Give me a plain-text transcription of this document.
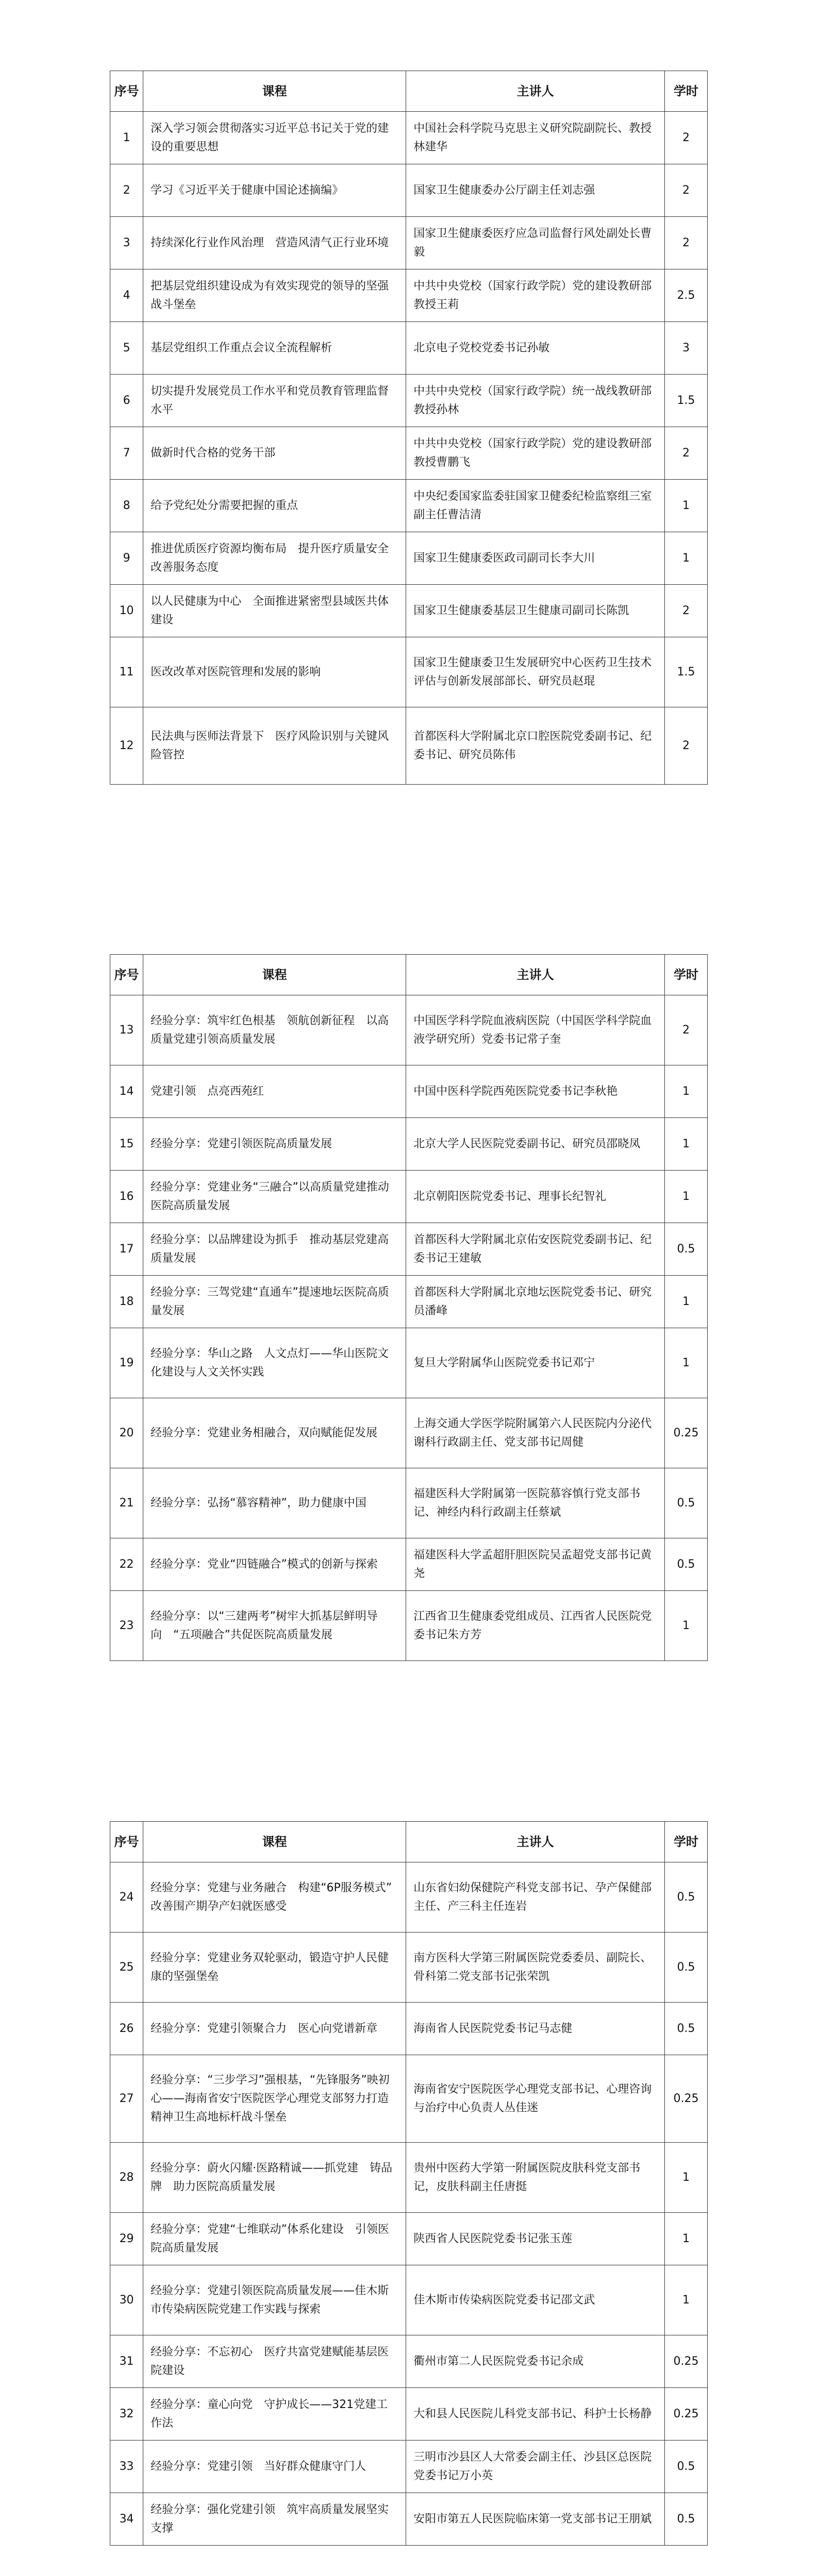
序号	课程	主讲人	学时
1	深入学习领会贯彻落实习近平总书记关于党的建设的重要思想	中国社会科学院马克思主义研究院副院长、教授林建华	2
2	学习《习近平关于健康中国论述摘编》	国家卫生健康委办公厅副主任刘志强	2
3	持续深化行业作风治理　营造风清气正行业环境	国家卫生健康委医疗应急司监督行风处副处长曹毅	2
4	把基层党组织建设成为有效实现党的领导的坚强战斗堡垒	中共中央党校（国家行政学院）党的建设教研部教授王莉	2.5
5	基层党组织工作重点会议全流程解析	北京电子党校党委书记孙敏	3
6	切实提升发展党员工作水平和党员教育管理监督水平	中共中央党校（国家行政学院）统一战线教研部教授孙林	1.5
7	做新时代合格的党务干部	中共中央党校（国家行政学院）党的建设教研部教授曹鹏飞	2
8	给予党纪处分需要把握的重点	中央纪委国家监委驻国家卫健委纪检监察组三室副主任曹洁清	1
9	推进优质医疗资源均衡布局　提升医疗质量安全改善服务态度	国家卫生健康委医政司副司长李大川	1
10	以人民健康为中心　全面推进紧密型县域医共体建设	国家卫生健康委基层卫生健康司副司长陈凯	2
11	医改改革对医院管理和发展的影响	国家卫生健康委卫生发展研究中心医药卫生技术评估与创新发展部部长、研究员赵琨	1.5
12	民法典与医师法背景下　医疗风险识别与关键风险管控	首都医科大学附属北京口腔医院党委副书记、纪委书记、研究员陈伟	2
序号	课程	主讲人	学时
13	经验分享：筑牢红色根基　领航创新征程　以高质量党建引领高质量发展	中国医学科学院血液病医院（中国医学科学院血液学研究所）党委书记常子奎	2
14	党建引领　点亮西苑红	中国中医科学院西苑医院党委书记李秋艳	1
15	经验分享：党建引领医院高质量发展	北京大学人民医院党委副书记、研究员邵晓凤	1
16	经验分享：党建业务“三融合”以高质量党建推动医院高质量发展	北京朝阳医院党委书记、理事长纪智礼	1
17	经验分享：以品牌建设为抓手　推动基层党建高质量发展	首都医科大学附属北京佑安医院党委副书记、纪委书记王建敏	0.5
18	经验分享：三驾党建“直通车”提速地坛医院高质量发展	首都医科大学附属北京地坛医院党委书记、研究员潘峰	1
19	经验分享：华山之路　人文点灯——华山医院文化建设与人文关怀实践	复旦大学附属华山医院党委书记邓宁	1
20	经验分享：党建业务相融合，双向赋能促发展	上海交通大学医学院附属第六人民医院内分泌代谢科行政副主任、党支部书记周健	0.25
21	经验分享：弘扬“慕容精神”，助力健康中国	福建医科大学附属第一医院慕容慎行党支部书记、神经内科行政副主任蔡斌	0.5
22	经验分享：党业“四链融合”模式的创新与探索	福建医科大学孟超肝胆医院吴孟超党支部书记黄尧	0.5
23	经验分享：以“三建两考”树牢大抓基层鲜明导向　“五项融合”共促医院高质量发展	江西省卫生健康委党组成员、江西省人民医院党委书记朱方芳	1
序号	课程	主讲人	学时
24	经验分享：党建与业务融合　构建“6P服务模式”　改善围产期孕产妇就医感受	山东省妇幼保健院产科党支部书记、孕产保健部主任、产三科主任连岩	0.5
25	经验分享：党建业务双轮驱动，锻造守护人民健康的坚强堡垒	南方医科大学第三附属医院党委委员、副院长、骨科第二党支部书记张荣凯	0.5
26	经验分享：党建引领聚合力　医心向党谱新章	海南省人民医院党委书记马志健	0.5
27	经验分享：“三步学习”强根基，“先锋服务”映初心——海南省安宁医院医学心理党支部努力打造精神卫生高地标杆战斗堡垒	海南省安宁医院医学心理党支部书记、心理咨询与治疗中心负责人丛佳迷	0.25
28	经验分享：蔚火闪耀·医路精诚——抓党建　铸品牌　助力医院高质量发展	贵州中医药大学第一附属医院皮肤科党支部书记，皮肤科副主任唐挺	1
29	经验分享：党建“七维联动”体系化建设　引领医院高质量发展	陕西省人民医院党委书记张玉莲	1
30	经验分享：党建引领医院高质量发展——佳木斯市传染病医院党建工作实践与探索	佳木斯市传染病医院党委书记邵文武	1
31	经验分享：不忘初心　医疗共富党建赋能基层医院建设	衢州市第二人民医院党委书记余成	0.25
32	经验分享：童心向党　守护成长——321党建工作法	大和县人民医院儿科党支部书记、科护士长杨静	0.25
33	经验分享：党建引领　当好群众健康守门人	三明市沙县区人大常委会副主任、沙县区总医院党委书记万小英	0.5
34	经验分享：强化党建引领　筑牢高质量发展坚实支撑	安阳市第五人民医院临床第一党支部书记王朋斌	0.5
